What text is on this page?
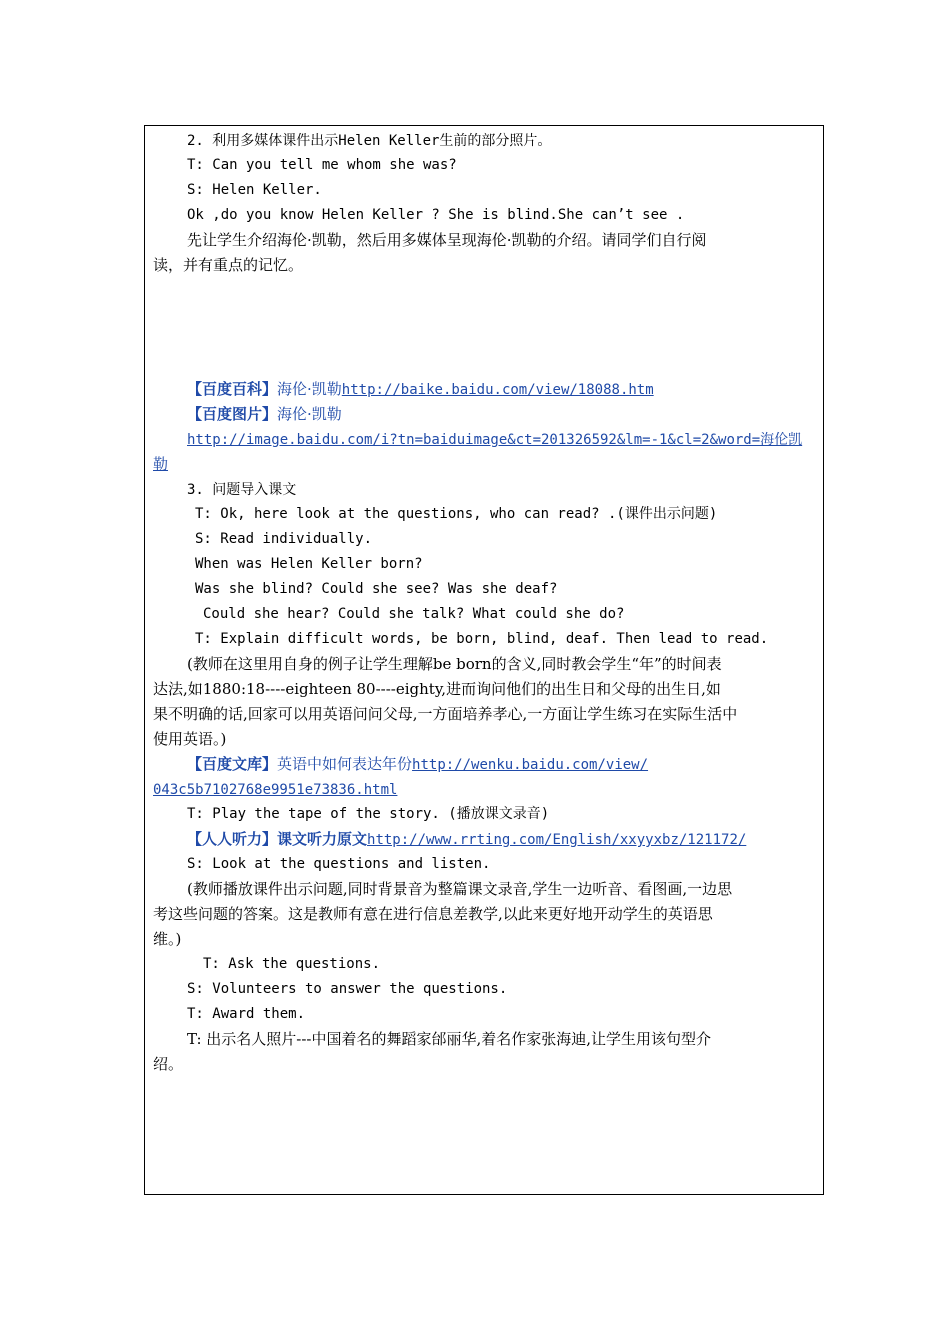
2. 利用多媒体课件出示Helen Keller生前的部分照片。
T: Can you tell me whom she was?
S: Helen Keller.
Ok ,do you know Helen Keller ? She is blind.She can’t see .
先让学生介绍海伦·凯勒，然后用多媒体呈现海伦·凯勒的介绍。请同学们自行阅
读，并有重点的记忆。
【百度百科】海伦·凯勒http://baike.baidu.com/view/18088.htm
【百度图片】海伦·凯勒
http://image.baidu.com/i?tn=baiduimage&ct=201326592&lm=-1&cl=2&word=海伦凯
勒
3. 问题导入课文
T: Ok, here look at the questions, who can read? .(课件出示问题)
S: Read individually.
When was Helen Keller born?
Was she blind? Could she see? Was she deaf?
Could she hear? Could she talk? What could she do?
T: Explain difficult words, be born, blind, deaf. Then lead to read.
(教师在这里用自身的例子让学生理解be born的含义,同时教会学生“年”的时间表
达法,如1880:18----eighteen 80----eighty,进而询问他们的出生日和父母的出生日,如
果不明确的话,回家可以用英语问问父母,一方面培养孝心,一方面让学生练习在实际生活中
使用英语。)
【百度文库】英语中如何表达年份http://wenku.baidu.com/view/
043c5b7102768e9951e73836.html
T: Play the tape of the story. (播放课文录音)
【人人听力】课文听力原文http://www.rrting.com/English/xxyyxbz/121172/
S: Look at the questions and listen.
(教师播放课件出示问题,同时背景音为整篇课文录音,学生一边听音、看图画,一边思
考这些问题的答案。这是教师有意在进行信息差教学,以此来更好地开动学生的英语思
维。)
T: Ask the questions.
S: Volunteers to answer the questions.
T: Award them.
T: 出示名人照片---中国着名的舞蹈家邰丽华,着名作家张海迪,让学生用该句型介
绍。
